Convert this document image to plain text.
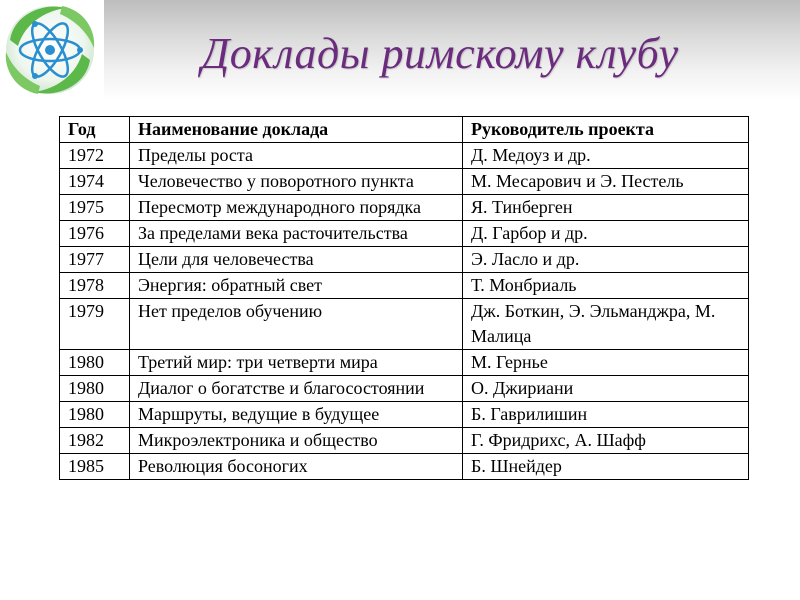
Доклады римскому клубу
Год	Наименование доклада	Руководитель проекта
1972	Пределы роста	Д. Медоуз и др.
1974	Человечество у поворотного пункта	М. Месарович и Э. Пестель
1975	Пересмотр международного порядка	Я. Тинберген
1976	За пределами века расточительства	Д. Гарбор и др.
1977	Цели для человечества	Э. Ласло и др.
1978	Энергия: обратный свет	Т. Монбриаль
1979	Нет пределов обучению	Дж. Боткин, Э. Эльманджра, М. Малица
1980	Третий мир: три четверти мира	М. Гернье
1980	Диалог о богатстве и благосостоянии	О. Джириани
1980	Маршруты, ведущие в будущее	Б. Гаврилишин
1982	Микроэлектроника и общество	Г. Фридрихс, А. Шафф
1985	Революция босоногих	Б. Шнейдер
